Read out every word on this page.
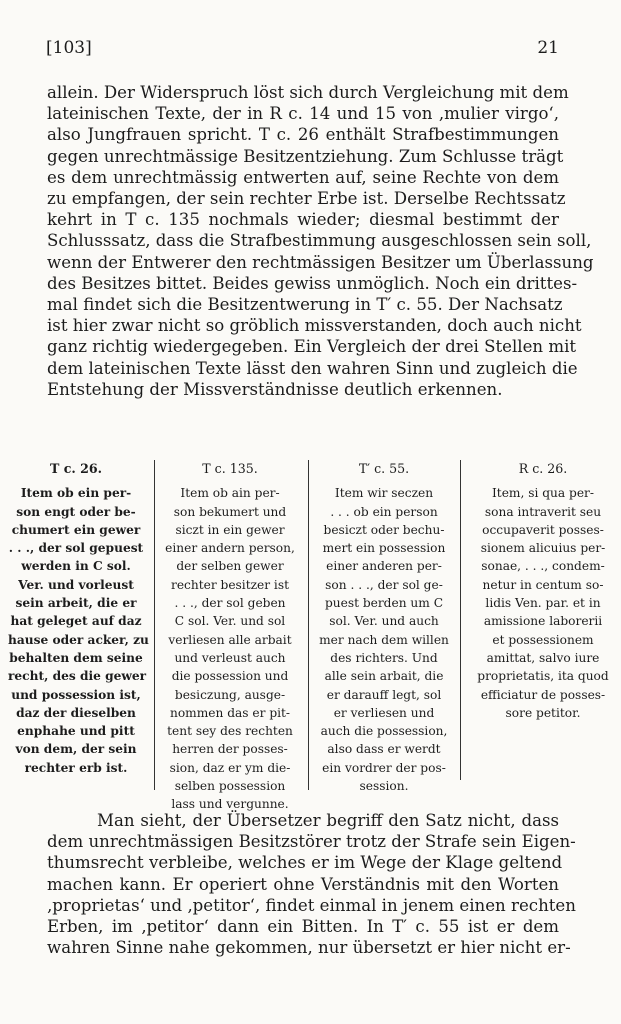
[103]	21
allein. Der Widerspruch löst sich durch Vergleichung mit dem
lateinischen Texte, der in R c. 14 und 15 von ‚mulier virgo‘,
also Jungfrauen spricht. T c. 26 enthält Strafbestimmungen
gegen unrechtmässige Besitzentziehung. Zum Schlusse trägt
es dem unrechtmässig entwerten auf, seine Rechte von dem
zu empfangen, der sein rechter Erbe ist. Derselbe Rechtssatz
kehrt in T c. 135 nochmals wieder; diesmal bestimmt der
Schlusssatz, dass die Strafbestimmung ausgeschlossen sein soll,
wenn der Entwerer den rechtmässigen Besitzer um Überlassung
des Besitzes bittet. Beides gewiss unmöglich. Noch ein drittes-
mal findet sich die Besitzentwerung in T′ c. 55. Der Nachsatz
ist hier zwar nicht so gröblich missverstanden, doch auch nicht
ganz richtig wiedergegeben. Ein Vergleich der drei Stellen mit
dem lateinischen Texte lässt den wahren Sinn und zugleich die
Entstehung der Missverständnisse deutlich erkennen.
T c. 26.
Item ob ein per-
son engt oder be-
chumert ein gewer
. . ., der sol gepuest
werden in C sol.
Ver. und vorleust
sein arbeit, die er
hat geleget auf daz
hause oder acker, zu
behalten dem seine
recht, des die gewer
und possession ist,
daz der dieselben
enphahe und pitt
von dem, der sein
rechter erb ist.
T c. 135.
Item ob ain per-
son bekumert und
siczt in ein gewer
einer andern person,
der selben gewer
rechter besitzer ist
. . ., der sol geben
C sol. Ver. und sol
verliesen alle arbait
und verleust auch
die possession und
besiczung, ausge-
nommen das er pit-
tent sey des rechten
herren der posses-
sion, daz er ym die-
selben possession
lass und vergunne.
T′ c. 55.
Item wir seczen
. . . ob ein person
besiczt oder bechu-
mert ein possession
einer anderen per-
son . . ., der sol ge-
puest berden um C
sol. Ver. und auch
mer nach dem willen
des richters. Und
alle sein arbait, die
er darauff legt, sol
er verliesen und
auch die possession,
also dass er werdt
ein vordrer der pos-
session.
R c. 26.
Item, si qua per-
sona intraverit seu
occupaverit posses-
sionem alicuius per-
sonae, . . ., condem-
netur in centum so-
lidis Ven. par. et in
amissione laborerii
et possessionem
amittat, salvo iure
proprietatis, ita quod
efficiatur de posses-
sore petitor.
Man sieht, der Übersetzer begriff den Satz nicht, dass
dem unrechtmässigen Besitzstörer trotz der Strafe sein Eigen-
thumsrecht verbleibe, welches er im Wege der Klage geltend
machen kann. Er operiert ohne Verständnis mit den Worten
‚proprietas‘ und ‚petitor‘, findet einmal in jenem einen rechten
Erben, im ‚petitor‘ dann ein Bitten. In T′ c. 55 ist er dem
wahren Sinne nahe gekommen, nur übersetzt er hier nicht er-
